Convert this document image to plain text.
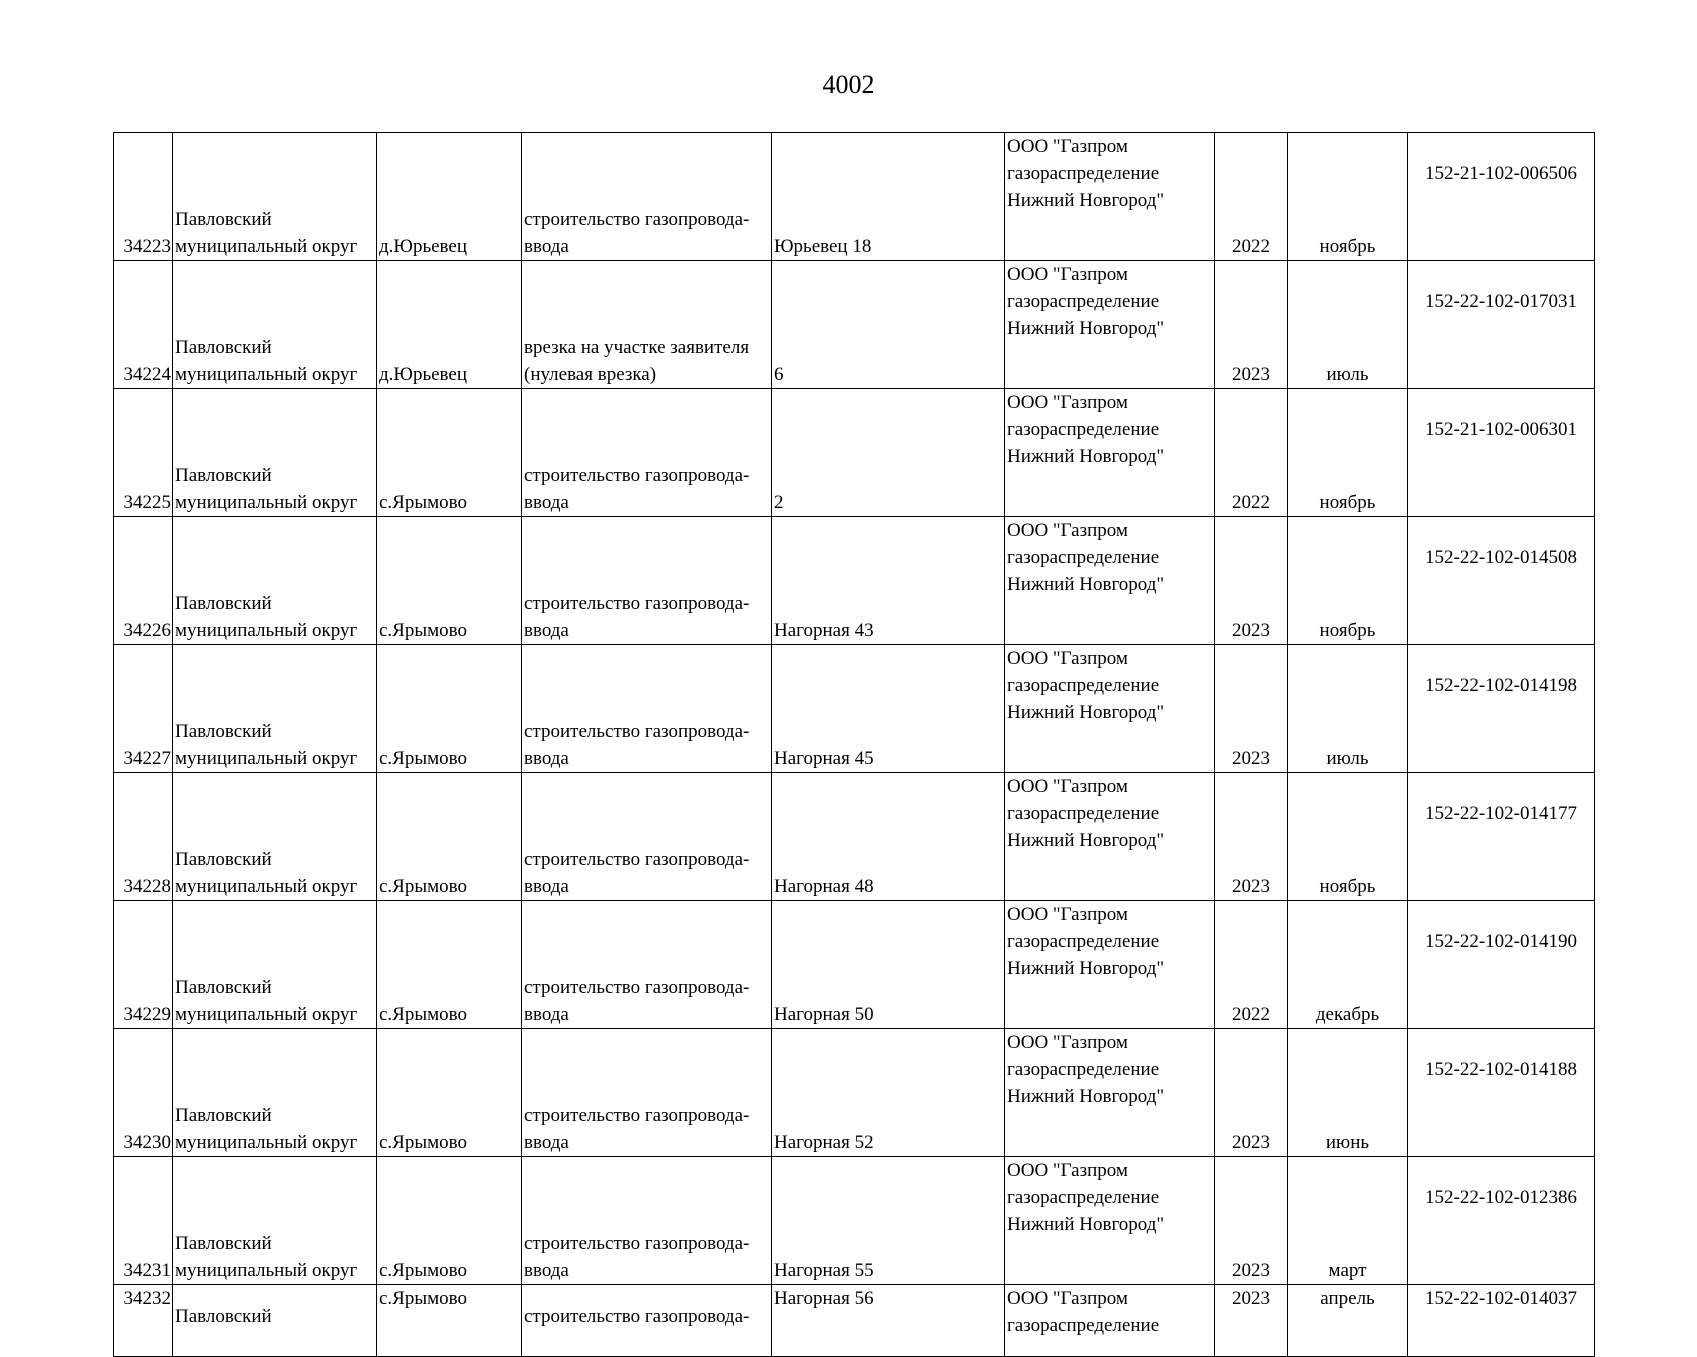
4002
34223	Павловский муниципальный округ	д.Юрьевец	строительство газопровода-ввода	Юрьевец 18	ООО "Газпром газораспределение Нижний Новгород"	2022	ноябрь	152-21-102-006506
34224	Павловский муниципальный округ	д.Юрьевец	врезка на участке заявителя (нулевая врезка)	6	ООО "Газпром газораспределение Нижний Новгород"	2023	июль	152-22-102-017031
34225	Павловский муниципальный округ	с.Ярымово	строительство газопровода-ввода	2	ООО "Газпром газораспределение Нижний Новгород"	2022	ноябрь	152-21-102-006301
34226	Павловский муниципальный округ	с.Ярымово	строительство газопровода-ввода	Нагорная 43	ООО "Газпром газораспределение Нижний Новгород"	2023	ноябрь	152-22-102-014508
34227	Павловский муниципальный округ	с.Ярымово	строительство газопровода-ввода	Нагорная 45	ООО "Газпром газораспределение Нижний Новгород"	2023	июль	152-22-102-014198
34228	Павловский муниципальный округ	с.Ярымово	строительство газопровода-ввода	Нагорная 48	ООО "Газпром газораспределение Нижний Новгород"	2023	ноябрь	152-22-102-014177
34229	Павловский муниципальный округ	с.Ярымово	строительство газопровода-ввода	Нагорная 50	ООО "Газпром газораспределение Нижний Новгород"	2022	декабрь	152-22-102-014190
34230	Павловский муниципальный округ	с.Ярымово	строительство газопровода-ввода	Нагорная 52	ООО "Газпром газораспределение Нижний Новгород"	2023	июнь	152-22-102-014188
34231	Павловский муниципальный округ	с.Ярымово	строительство газопровода-ввода	Нагорная 55	ООО "Газпром газораспределение Нижний Новгород"	2023	март	152-22-102-012386
34232	Павловский	с.Ярымово	строительство газопровода-	Нагорная 56	ООО "Газпром газораспределение	2023	апрель	152-22-102-014037
